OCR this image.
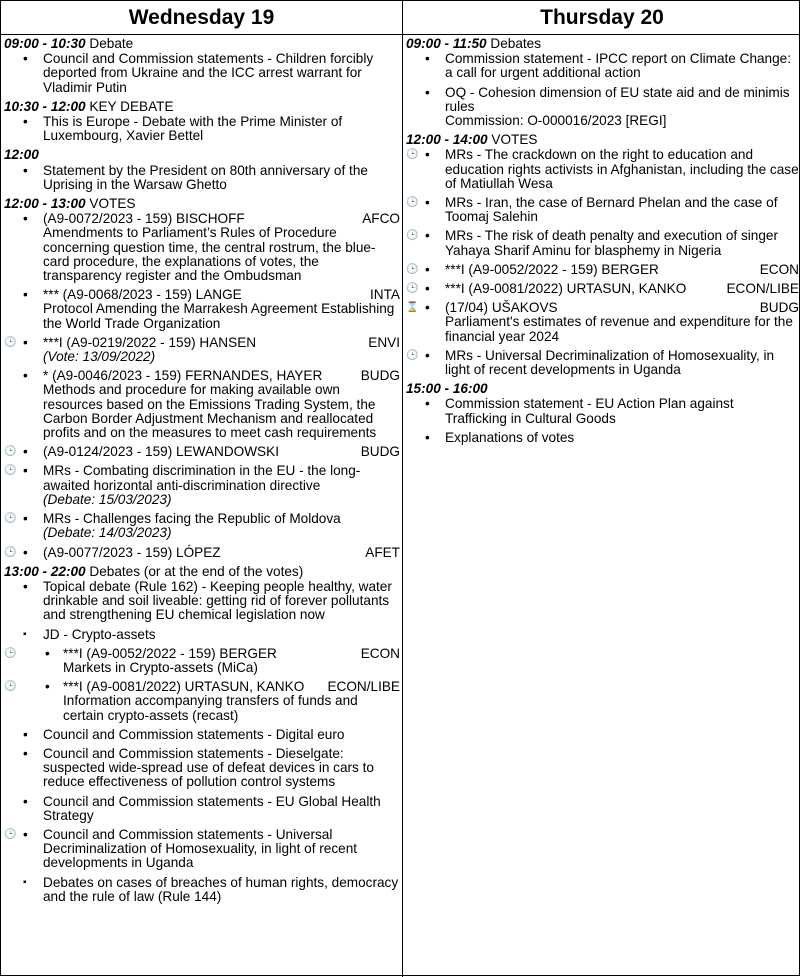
Wednesday 19
09:00 - 10:30 Debate
• Council and Commission statements - Children forcibly deported from Ukraine and the ICC arrest warrant for Vladimir Putin
10:30 - 12:00 KEY DEBATE
• This is Europe - Debate with the Prime Minister of Luxembourg, Xavier Bettel
12:00
• Statement by the President on 80th anniversary of the Uprising in the Warsaw Ghetto
12:00 - 13:00 VOTES
• (A9-0072/2023 - 159) BISCHOFF	AFCO
Amendments to Parliament’s Rules of Procedure concerning question time, the central rostrum, the blue-card procedure, the explanations of votes, the transparency register and the Ombudsman
• *** (A9-0068/2023 - 159) LANGE	INTA
Protocol Amending the Marrakesh Agreement Establishing the World Trade Organization
🕒 • ***I (A9-0219/2022 - 159) HANSEN	ENVI
(Vote: 13/09/2022)
• * (A9-0046/2023 - 159) FERNANDES, HAYER	BUDG
Methods and procedure for making available own resources based on the Emissions Trading System, the Carbon Border Adjustment Mechanism and reallocated profits and on the measures to meet cash requirements
🕒 • (A9-0124/2023 - 159) LEWANDOWSKI	BUDG
🕒 • MRs - Combating discrimination in the EU - the long-awaited horizontal anti-discrimination directive
(Debate: 15/03/2023)
🕒 • MRs - Challenges facing the Republic of Moldova
(Debate: 14/03/2023)
🕒 • (A9-0077/2023 - 159) LÓPEZ	AFET
13:00 - 22:00 Debates (or at the end of the votes)
• Topical debate (Rule 162) - Keeping people healthy, water drinkable and soil liveable: getting rid of forever pollutants and strengthening EU chemical legislation now
▪ JD - Crypto-assets
🕒 • ***I (A9-0052/2022 - 159) BERGER	ECON
Markets in Crypto-assets (MiCa)
🕒 • ***I (A9-0081/2022) URTASUN, KANKO	ECON/LIBE
Information accompanying transfers of funds and certain crypto-assets (recast)
• Council and Commission statements - Digital euro
• Council and Commission statements - Dieselgate: suspected wide-spread use of defeat devices in cars to reduce effectiveness of pollution control systems
• Council and Commission statements - EU Global Health Strategy
🕒 • Council and Commission statements - Universal Decriminalization of Homosexuality, in light of recent developments in Uganda
▪ Debates on cases of breaches of human rights, democracy and the rule of law (Rule 144)
Thursday 20
09:00 - 11:50 Debates
• Commission statement - IPCC report on Climate Change: a call for urgent additional action
• OQ - Cohesion dimension of EU state aid and de minimis rules
Commission: O-000016/2023 [REGI]
12:00 - 14:00 VOTES
🕒 • MRs - The crackdown on the right to education and education rights activists in Afghanistan, including the case of Matiullah Wesa
🕒 • MRs - Iran, the case of Bernard Phelan and the case of Toomaj Salehin
🕒 • MRs - The risk of death penalty and execution of singer Yahaya Sharif Aminu for blasphemy in Nigeria
🕒 • ***I (A9-0052/2022 - 159) BERGER	ECON
🕒 • ***I (A9-0081/2022) URTASUN, KANKO	ECON/LIBE
⌛ • (17/04) UŠAKOVS	BUDG
Parliament's estimates of revenue and expenditure for the financial year 2024
🕒 • MRs - Universal Decriminalization of Homosexuality, in light of recent developments in Uganda
15:00 - 16:00
• Commission statement - EU Action Plan against Trafficking in Cultural Goods
• Explanations of votes
